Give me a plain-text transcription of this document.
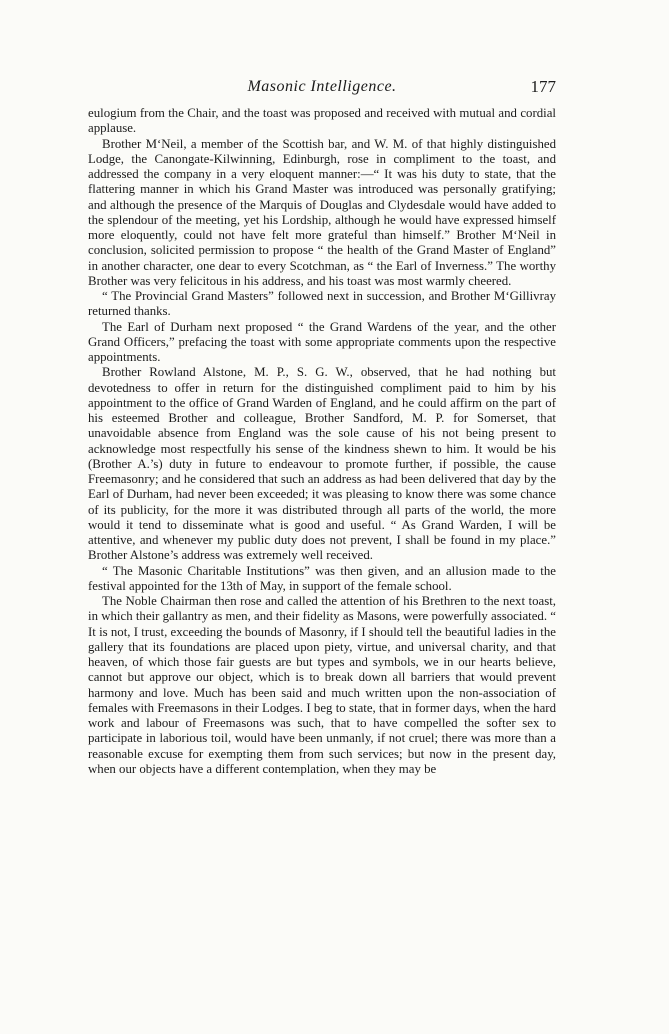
Masonic Intelligence.	177

eulogium from the Chair, and the toast was proposed and received with mutual and cordial applause.

Brother M‘Neil, a member of the Scottish bar, and W. M. of that highly distinguished Lodge, the Canongate-Kilwinning, Edinburgh, rose in compliment to the toast, and addressed the company in a very eloquent manner:—“ It was his duty to state, that the flattering manner in which his Grand Master was introduced was personally gratifying; and although the presence of the Marquis of Douglas and Clydesdale would have added to the splendour of the meeting, yet his Lordship, although he would have expressed himself more eloquently, could not have felt more grateful than himself.” Brother M‘Neil in conclusion, solicited permission to propose “ the health of the Grand Master of England” in another character, one dear to every Scotchman, as “ the Earl of Inverness.” The worthy Brother was very felicitous in his address, and his toast was most warmly cheered.

“ The Provincial Grand Masters” followed next in succession, and Brother M‘Gillivray returned thanks.

The Earl of Durham next proposed “ the Grand Wardens of the year, and the other Grand Officers,” prefacing the toast with some appropriate comments upon the respective appointments.

Brother Rowland Alstone, M. P., S. G. W., observed, that he had nothing but devotedness to offer in return for the distinguished compliment paid to him by his appointment to the office of Grand Warden of England, and he could affirm on the part of his esteemed Brother and colleague, Brother Sandford, M. P. for Somerset, that unavoidable absence from England was the sole cause of his not being present to acknowledge most respectfully his sense of the kindness shewn to him. It would be his (Brother A.’s) duty in future to endeavour to promote further, if possible, the cause Freemasonry; and he considered that such an address as had been delivered that day by the Earl of Durham, had never been exceeded; it was pleasing to know there was some chance of its publicity, for the more it was distributed through all parts of the world, the more would it tend to disseminate what is good and useful. “ As Grand Warden, I will be attentive, and whenever my public duty does not prevent, I shall be found in my place.” Brother Alstone’s address was extremely well received.

“ The Masonic Charitable Institutions” was then given, and an allusion made to the festival appointed for the 13th of May, in support of the female school.

The Noble Chairman then rose and called the attention of his Brethren to the next toast, in which their gallantry as men, and their fidelity as Masons, were powerfully associated. “ It is not, I trust, exceeding the bounds of Masonry, if I should tell the beautiful ladies in the gallery that its foundations are placed upon piety, virtue, and universal charity, and that heaven, of which those fair guests are but types and symbols, we in our hearts believe, cannot but approve our object, which is to break down all barriers that would prevent harmony and love. Much has been said and much written upon the non-association of females with Freemasons in their Lodges. I beg to state, that in former days, when the hard work and labour of Freemasons was such, that to have compelled the softer sex to participate in laborious toil, would have been unmanly, if not cruel; there was more than a reasonable excuse for exempting them from such services; but now in the present day, when our objects have a different contemplation, when they may be
